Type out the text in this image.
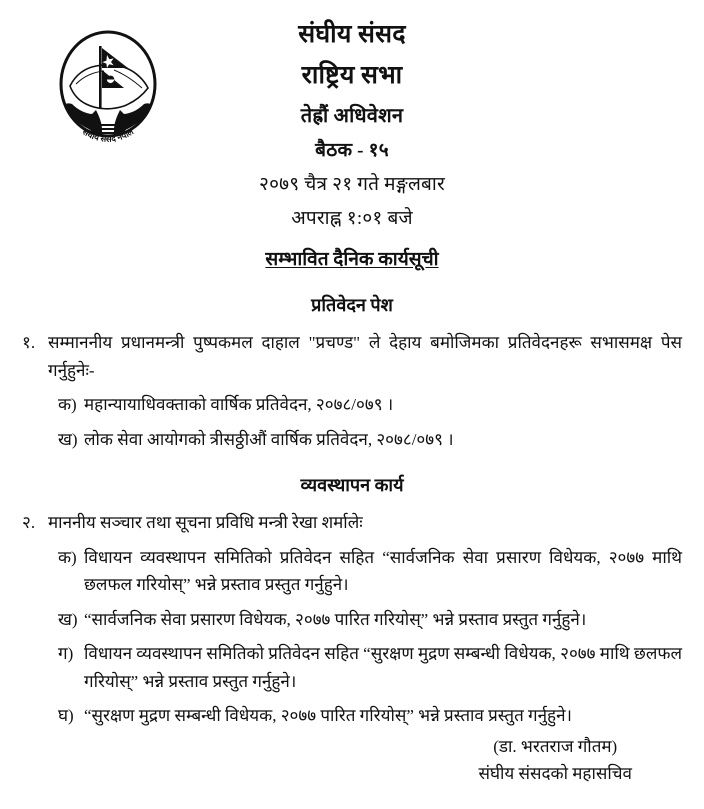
संघीय संसद नेपाल
संघीय संसद
राष्ट्रिय सभा
तेह्रौं अधिवेशन
बैठक - १५
२०७९ चैत्र २१ गते मङ्गलबार
अपराह्न १:०१ बजे
सम्भावित दैनिक कार्यसूची
प्रतिवेदन पेश
१. सम्माननीय प्रधानमन्त्री पुष्पकमल दाहाल "प्रचण्ड" ले देहाय बमोजिमका प्रतिवेदनहरू सभासमक्ष पेस गर्नुहुनेः-
क) महान्यायाधिवक्ताको वार्षिक प्रतिवेदन, २०७८/०७९ ।
ख) लोक सेवा आयोगको त्रीसठ्ठीऔं वार्षिक प्रतिवेदन, २०७८/०७९ ।
व्यवस्थापन कार्य
२. माननीय सञ्चार तथा सूचना प्रविधि मन्त्री रेखा शर्मालेः
क) विधायन व्यवस्थापन समितिको प्रतिवेदन सहित “सार्वजनिक सेवा प्रसारण विधेयक, २०७७ माथि छलफल गरियोस्” भन्ने प्रस्ताव प्रस्तुत गर्नुहुने।
ख) “सार्वजनिक सेवा प्रसारण विधेयक, २०७७ पारित गरियोस्” भन्ने प्रस्ताव प्रस्तुत गर्नुहुने।
ग) विधायन व्यवस्थापन समितिको प्रतिवेदन सहित “सुरक्षण मुद्रण सम्बन्धी विधेयक, २०७७ माथि छलफल गरियोस्” भन्ने प्रस्ताव प्रस्तुत गर्नुहुने।
घ) “सुरक्षण मुद्रण सम्बन्धी विधेयक, २०७७ पारित गरियोस्” भन्ने प्रस्ताव प्रस्तुत गर्नुहुने।
(डा. भरतराज गौतम)
संघीय संसदको महासचिव
